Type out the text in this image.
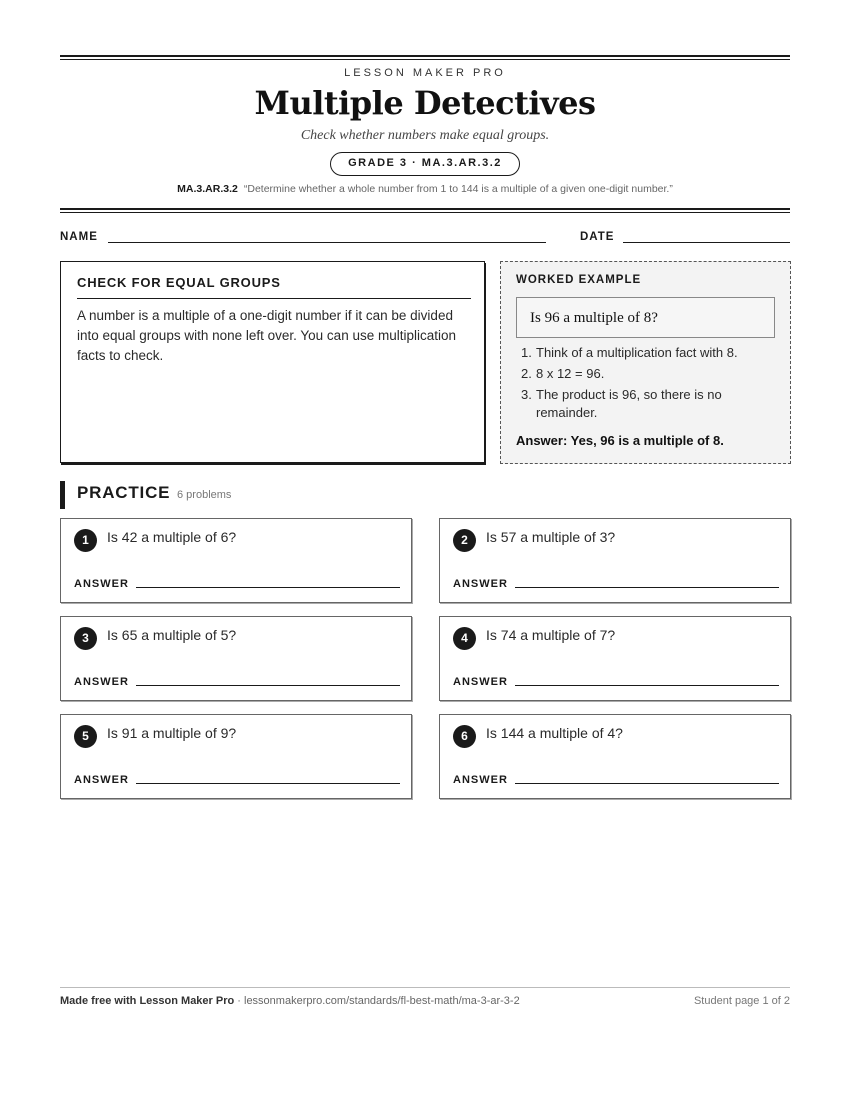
LESSON MAKER PRO
Multiple Detectives
Check whether numbers make equal groups.
GRADE 3 · MA.3.AR.3.2
MA.3.AR.3.2 “Determine whether a whole number from 1 to 144 is a multiple of a given one-digit number.”
NAME	DATE
CHECK FOR EQUAL GROUPS
A number is a multiple of a one-digit number if it can be divided into equal groups with none left over. You can use multiplication facts to check.
WORKED EXAMPLE
Is 96 a multiple of 8?
1. Think of a multiplication fact with 8.
2. 8 x 12 = 96.
3. The product is 96, so there is no remainder.
Answer: Yes, 96 is a multiple of 8.
PRACTICE 6 problems
1	Is 42 a multiple of 6?
ANSWER
2	Is 57 a multiple of 3?
ANSWER
3	Is 65 a multiple of 5?
ANSWER
4	Is 74 a multiple of 7?
ANSWER
5	Is 91 a multiple of 9?
ANSWER
6	Is 144 a multiple of 4?
ANSWER
Made free with Lesson Maker Pro · lessonmakerpro.com/standards/fl-best-math/ma-3-ar-3-2	Student page 1 of 2
